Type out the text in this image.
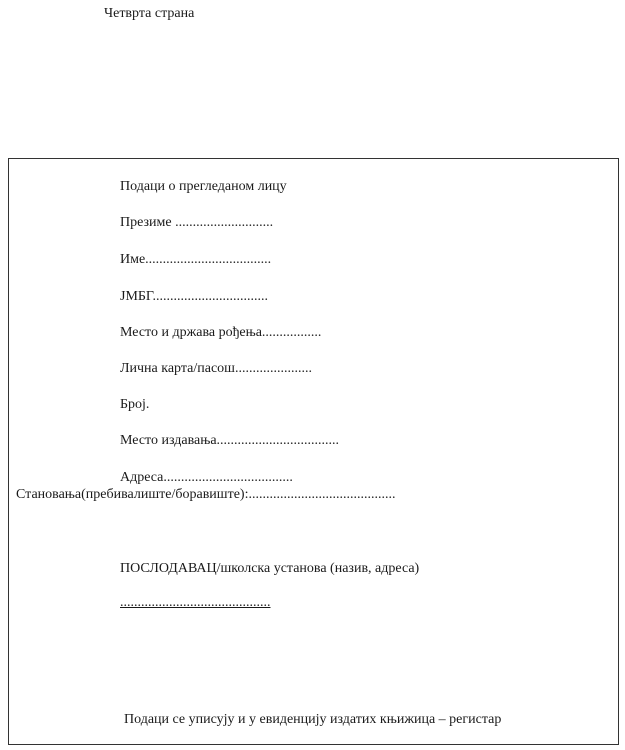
Четврта страна
Подаци о прегледаном лицу
Презиме ............................
Име....................................
ЈМБГ.................................
Место и држава рођења.................
Лична карта/пасош......................
Број.
Место издавања...................................
Адреса.....................................
Становања(пребивалиште/боравиште):..........................................
ПОСЛОДАВАЦ/школска установа (назив, адреса)
...........................................
Подаци се уписују и у евиденцију издатих књижица – регистар
